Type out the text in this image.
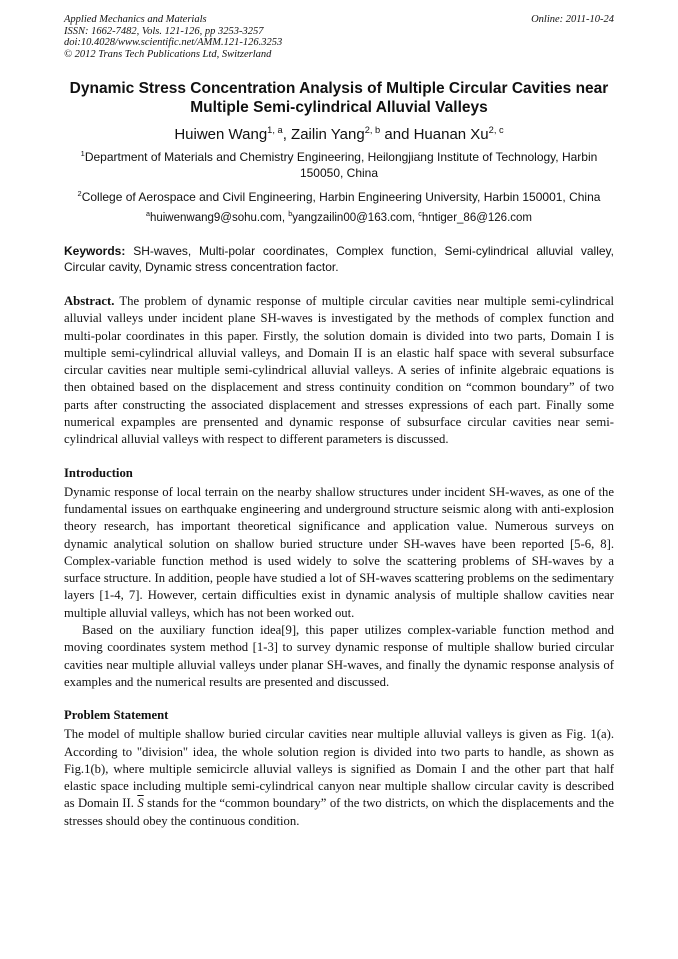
Applied Mechanics and Materials
ISSN: 1662-7482, Vols. 121-126, pp 3253-3257
doi:10.4028/www.scientific.net/AMM.121-126.3253
© 2012 Trans Tech Publications Ltd, Switzerland
Online: 2011-10-24
Dynamic Stress Concentration Analysis of Multiple Circular Cavities near Multiple Semi-cylindrical Alluvial Valleys
Huiwen Wang$^{1, a}$, Zailin Yang$^{2, b}$ and Huanan Xu$^{2, c}$
$^1$Department of Materials and Chemistry Engineering, Heilongjiang Institute of Technology, Harbin 150050, China
$^2$College of Aerospace and Civil Engineering, Harbin Engineering University, Harbin 150001, China
$^a$huiwenwang9@sohu.com, $^b$yangzailin00@163.com, $^c$hntiger_86@126.com
Keywords: SH-waves, Multi-polar coordinates, Complex function, Semi-cylindrical alluvial valley, Circular cavity, Dynamic stress concentration factor.

Abstract. The problem of dynamic response of multiple circular cavities near multiple semi-cylindrical alluvial valleys under incident plane SH-waves is investigated by the methods of complex function and multi-polar coordinates in this paper. Firstly, the solution domain is divided into two parts, Domain I is multiple semi-cylindrical alluvial valleys, and Domain II is an elastic half space with several subsurface circular cavities near multiple semi-cylindrical alluvial valleys. A series of infinite algebraic equations is then obtained based on the displacement and stress continuity condition on “common boundary” of two parts after constructing the associated displacement and stresses expressions of each part. Finally some numerical expamples are prensented and dynamic response of subsurface circular cavities near semi-cylindrical alluvial valleys with respect to different parameters is discussed.

Introduction

Dynamic response of local terrain on the nearby shallow structures under incident SH-waves, as one of the fundamental issues on earthquake engineering and underground structure seismic along with anti-explosion theory research, has important theoretical significance and application value. Numerous surveys on dynamic analytical solution on shallow buried structure under SH-waves have been reported [5-6, 8]. Complex-variable function method is used widely to solve the scattering problems of SH-waves by a surface structure. In addition, people have studied a lot of SH-waves scattering problems on the sedimentary layers [1-4, 7]. However, certain difficulties exist in dynamic analysis of multiple shallow cavities near multiple alluvial valleys, which has not been worked out.

Based on the auxiliary function idea[9], this paper utilizes complex-variable function method and moving coordinates system method [1-3] to survey dynamic response of multiple shallow buried circular cavities near multiple alluvial valleys under planar SH-waves, and finally the dynamic response analysis of examples and the numerical results are presented and discussed.

Problem Statement

The model of multiple shallow buried circular cavities near multiple alluvial valleys is given as Fig. 1(a). According to "division" idea, the whole solution region is divided into two parts to handle, as shown as Fig.1(b), where multiple semicircle alluvial valleys is signified as Domain I and the other part that half elastic space including multiple semi-cylindrical canyon near multiple shallow circular cavity is described as Domain II. $\overline{S}$ stands for the “common boundary” of the two districts, on which the displacements and the stresses should obey the continuous condition.
